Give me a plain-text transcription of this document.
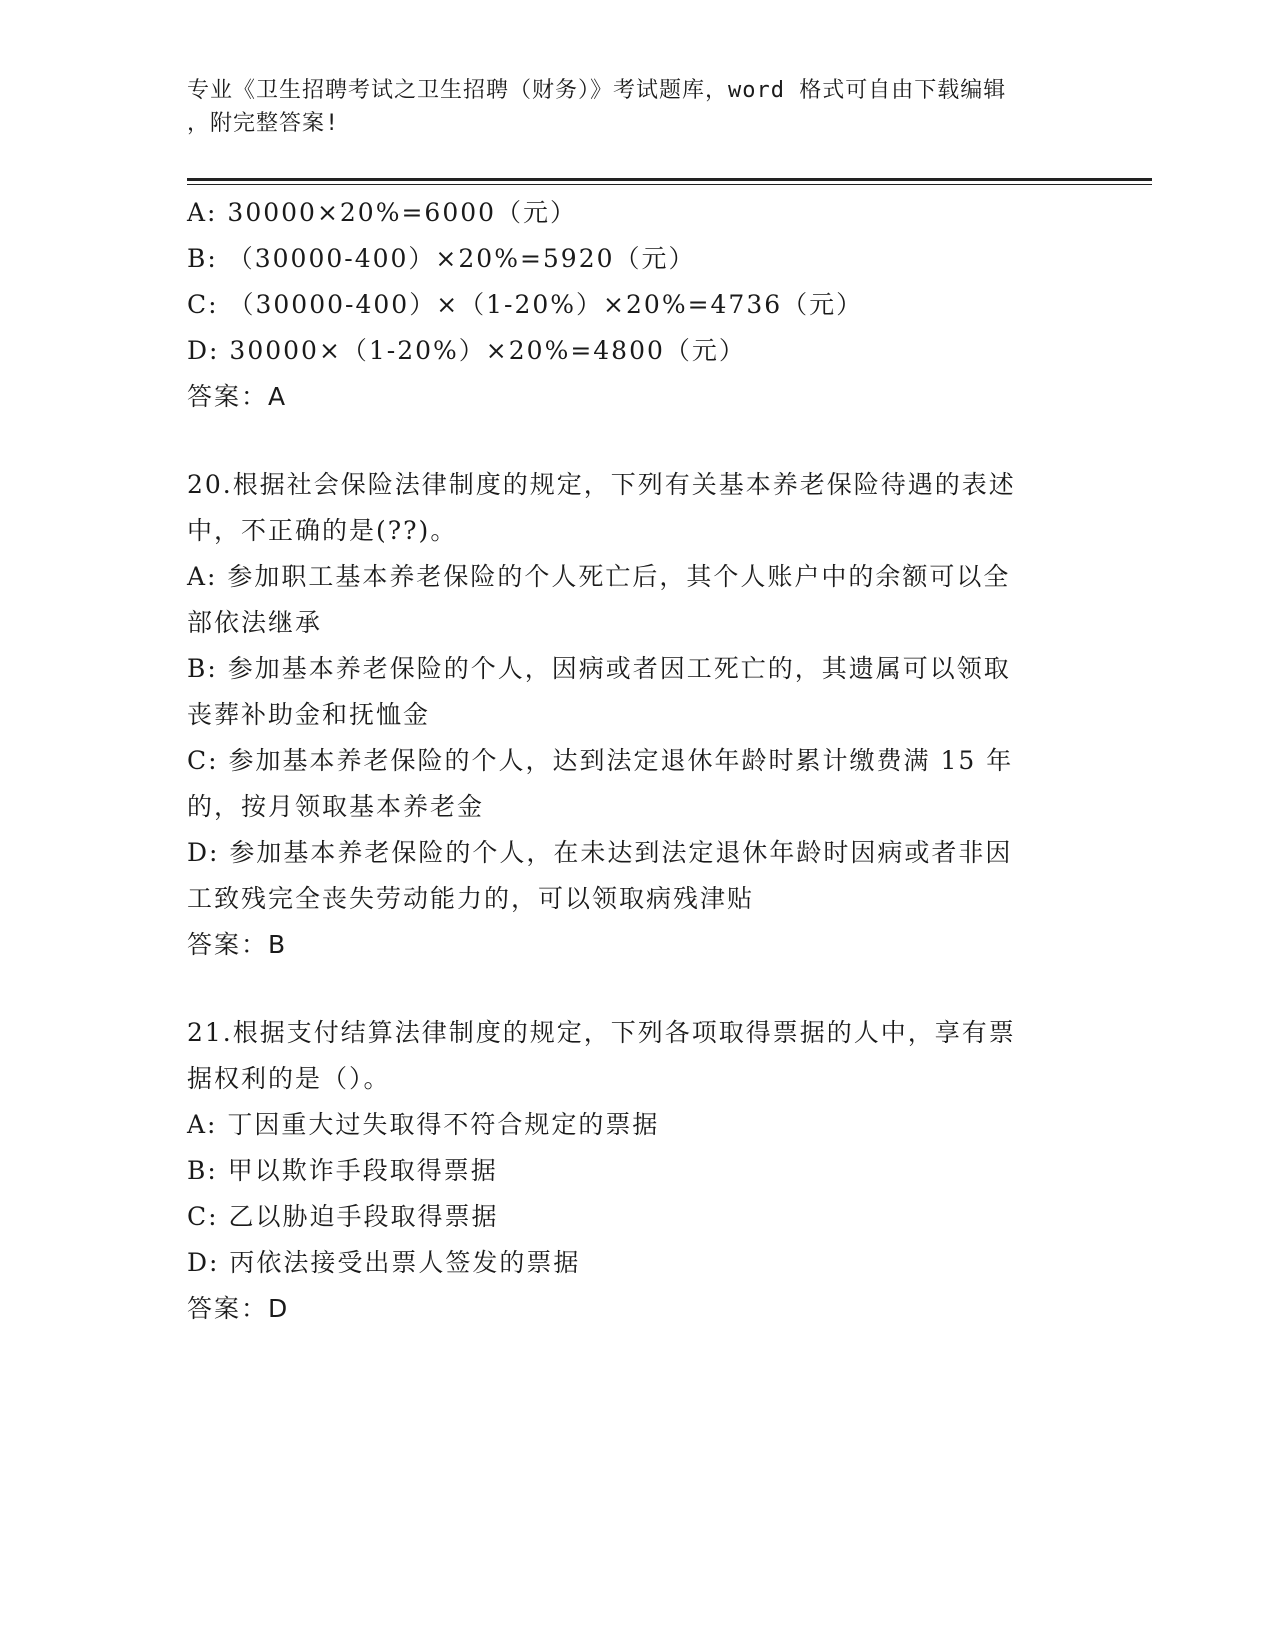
专业《卫生招聘考试之卫生招聘（财务）》考试题库，word 格式可自由下载编辑
，附完整答案!
A: 30000×20%=6000（元）
B: （30000-400）×20%=5920（元）
C: （30000-400）×（1-20%）×20%=4736（元）
D: 30000×（1-20%）×20%=4800（元）
答案：A
20.根据社会保险法律制度的规定，下列有关基本养老保险待遇的表述
中，不正确的是(??)。
A: 参加职工基本养老保险的个人死亡后，其个人账户中的余额可以全
部依法继承
B: 参加基本养老保险的个人，因病或者因工死亡的，其遗属可以领取
丧葬补助金和抚恤金
C: 参加基本养老保险的个人，达到法定退休年龄时累计缴费满 15 年
的，按月领取基本养老金
D: 参加基本养老保险的个人，在未达到法定退休年龄时因病或者非因
工致残完全丧失劳动能力的，可以领取病残津贴
答案：B
21.根据支付结算法律制度的规定，下列各项取得票据的人中，享有票
据权利的是（）。
A: 丁因重大过失取得不符合规定的票据
B: 甲以欺诈手段取得票据
C: 乙以胁迫手段取得票据
D: 丙依法接受出票人签发的票据
答案：D
